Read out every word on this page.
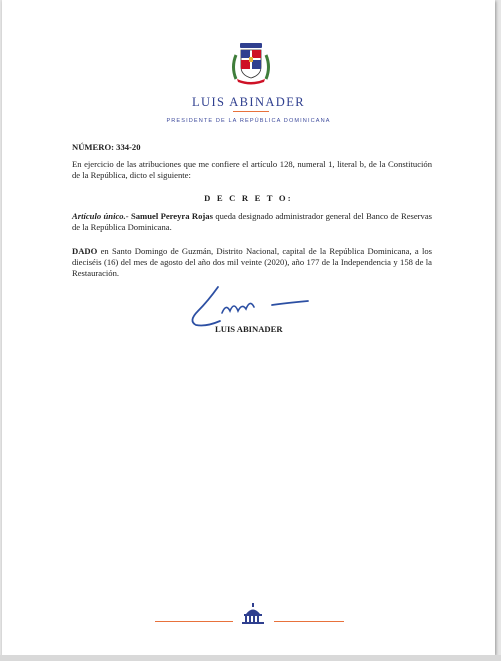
LUIS ABINADER
PRESIDENTE DE LA REPÚBLICA DOMINICANA
NÚMERO: 334-20
En ejercicio de las atribuciones que me confiere el artículo 128, numeral 1, literal b, de la Constitución de la República, dicto el siguiente:
D E C R E T O:
Artículo único.- Samuel Pereyra Rojas queda designado administrador general del Banco de Reservas de la República Dominicana.
DADO en Santo Domingo de Guzmán, Distrito Nacional, capital de la República Dominicana, a los dieciséis (16) del mes de agosto del año dos mil veinte (2020), año 177 de la Independencia y 158 de la Restauración.
LUIS ABINADER
